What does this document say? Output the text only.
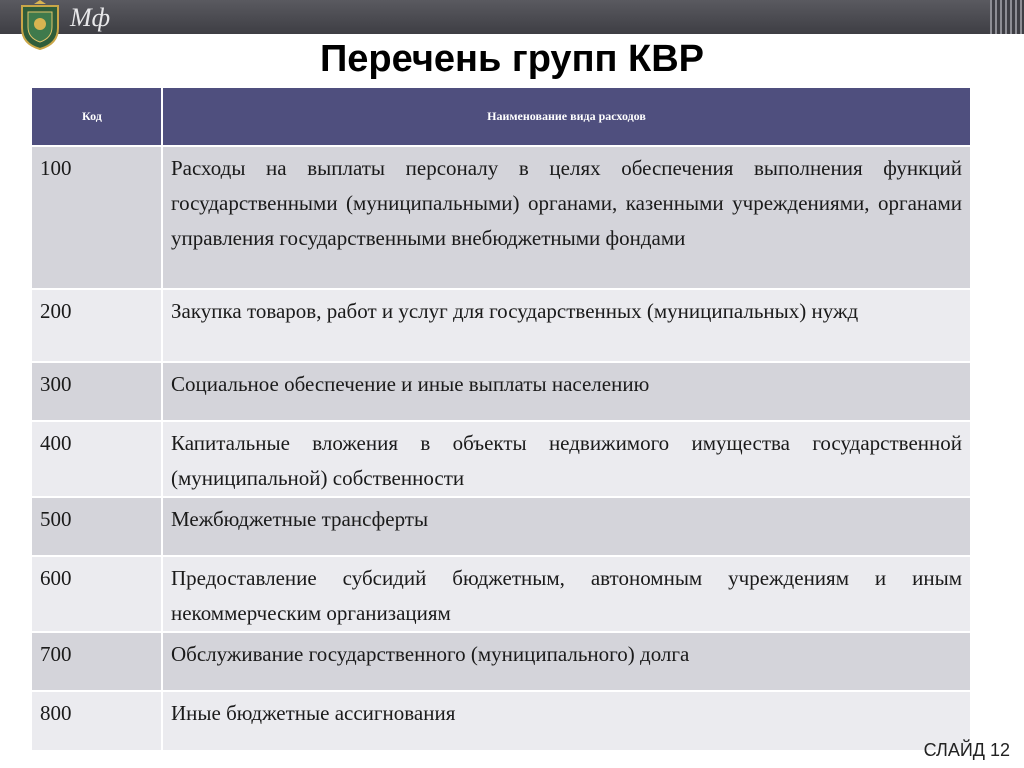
Мф
Перечень групп КВР
Код	Наименование вида расходов
100	Расходы на выплаты персоналу в целях обеспечения выполнения функций государственными (муниципальными) органами, казенными учреждениями, органами управления государственными внебюджетными фондами
200	Закупка товаров, работ и услуг для государственных (муниципальных) нужд
300	Социальное обеспечение и иные выплаты населению
400	Капитальные вложения в объекты недвижимого имущества государственной (муниципальной) собственности
500	Межбюджетные трансферты
600	Предоставление субсидий бюджетным, автономным учреждениям и иным некоммерческим организациям
700	Обслуживание государственного (муниципального) долга
800	Иные бюджетные ассигнования
СЛАЙД 12
